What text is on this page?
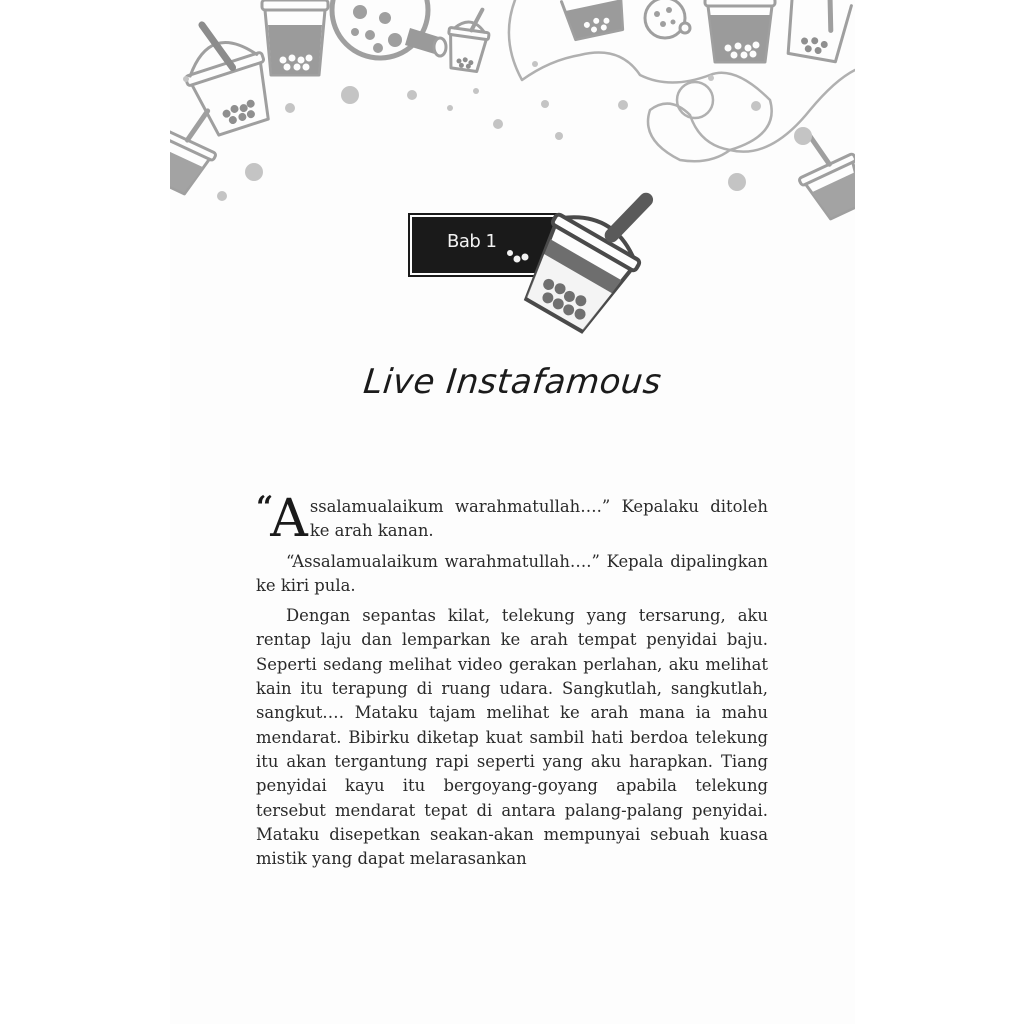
Bab 1
Live Instafamous

“A ssalamualaikum warahmatullah….” Kepalaku ditoleh ke arah kanan.

“Assalamualaikum warahmatullah….” Kepala dipalingkan ke kiri pula.

Dengan sepantas kilat, telekung yang tersarung, aku rentap laju dan lemparkan ke arah tempat penyidai baju. Seperti sedang melihat video gerakan perlahan, aku melihat kain itu terapung di ruang udara. Sangkutlah, sangkutlah, sangkut…. Mataku tajam melihat ke arah mana ia mahu mendarat. Bibirku diketap kuat sambil hati berdoa telekung itu akan tergantung rapi seperti yang aku harapkan. Tiang penyidai kayu itu bergoyang-goyang apabila telekung tersebut mendarat tepat di antara palang-palang penyidai. Mataku disepetkan seakan-akan mempunyai sebuah kuasa mistik yang dapat melarasankan
